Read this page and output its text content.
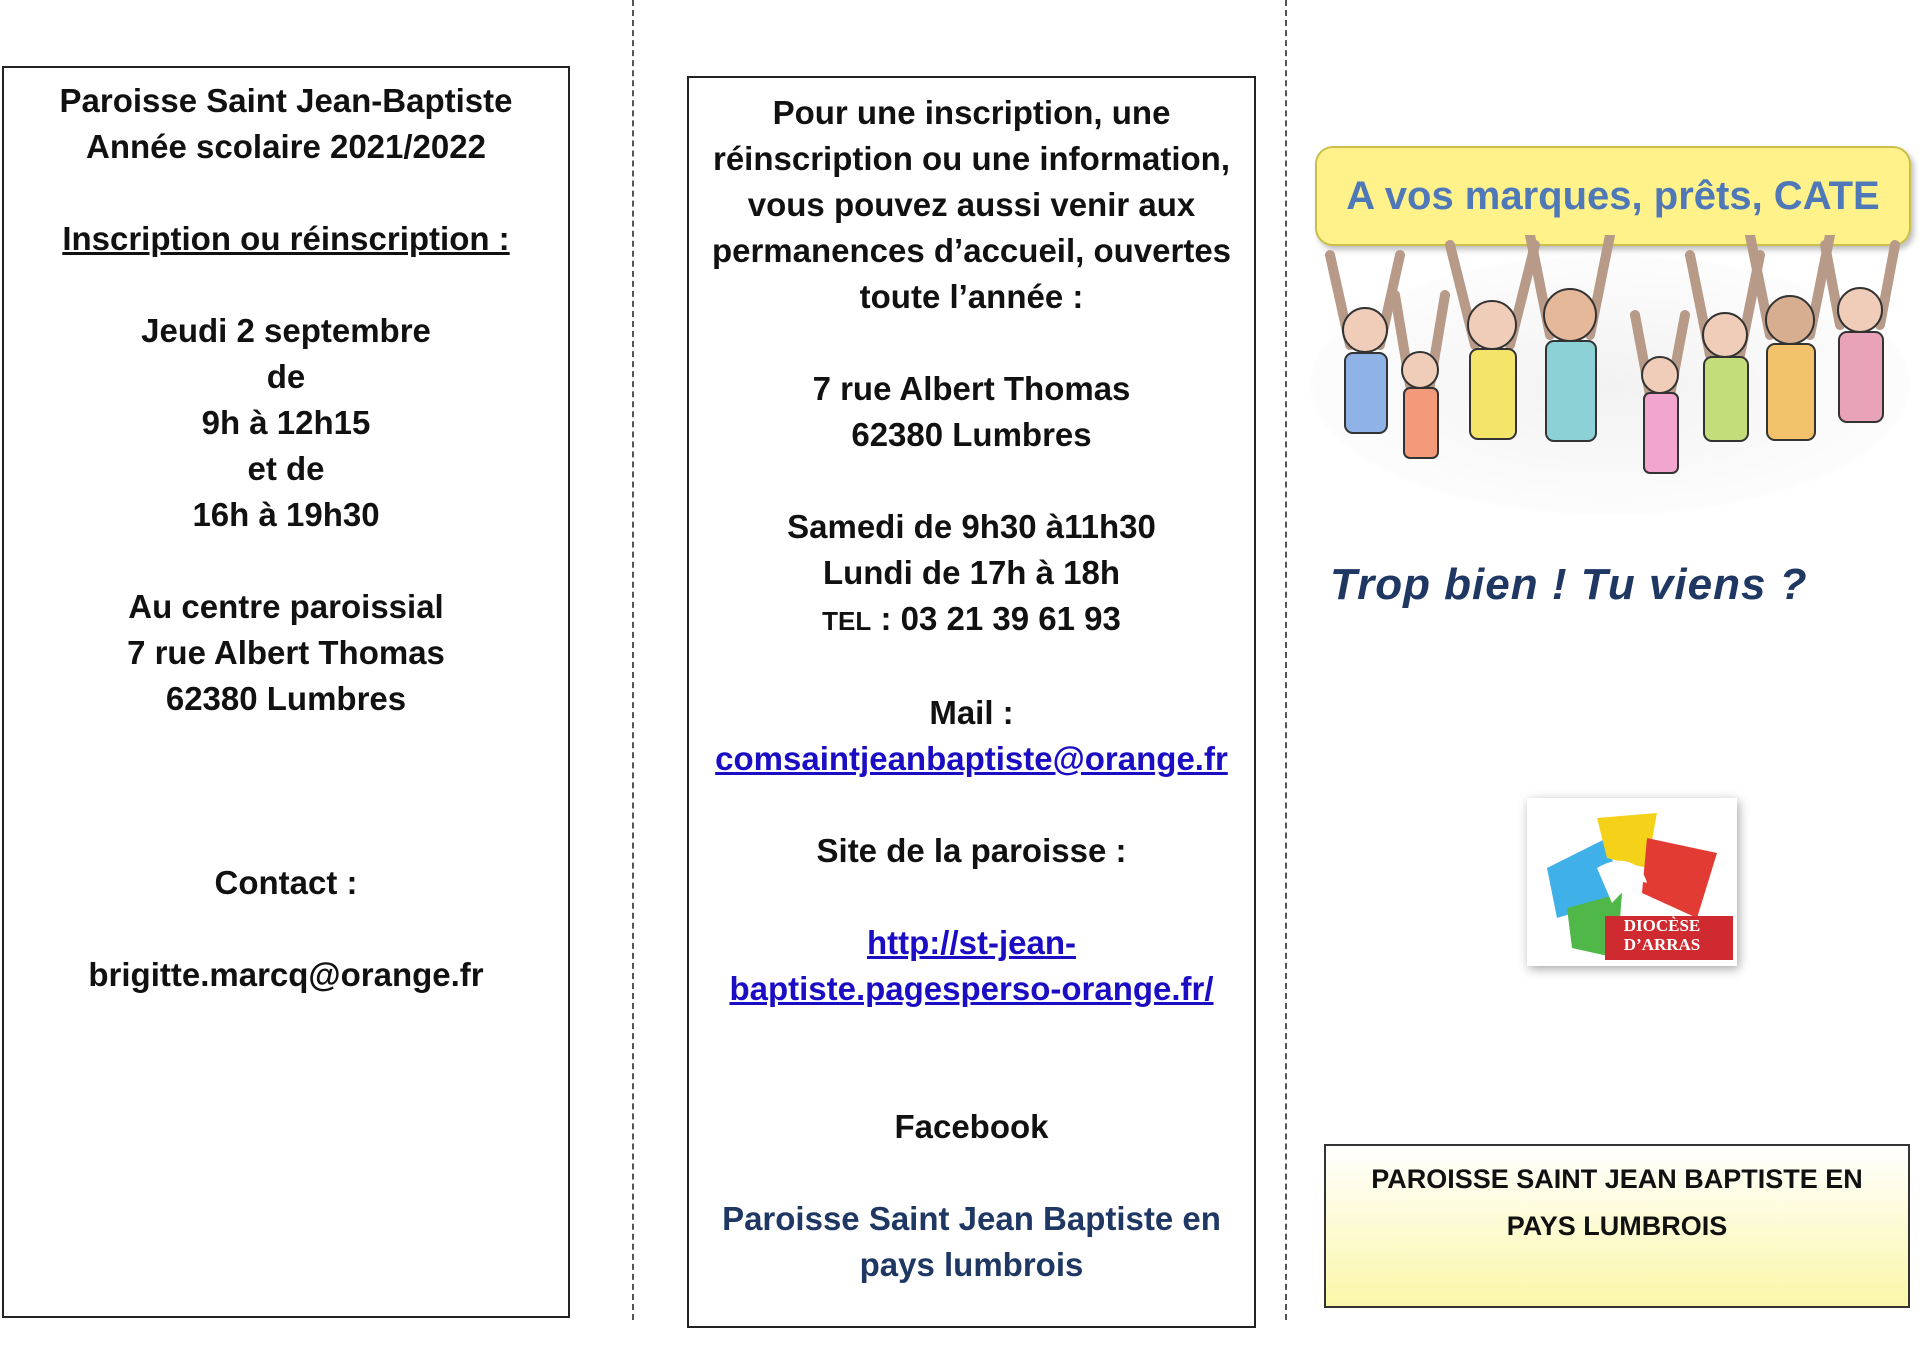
Paroisse Saint Jean-Baptiste
Année scolaire 2021/2022
Inscription ou réinscription :
Jeudi 2 septembre
de
9h à 12h15
et de
16h à 19h30
Au centre paroissial
7 rue Albert Thomas
62380 Lumbres
Contact :
brigitte.marcq@orange.fr
Pour une inscription, une
réinscription ou une information,
vous pouvez aussi venir aux
permanences d’accueil, ouvertes
toute l’année :
7 rue Albert Thomas
62380 Lumbres
Samedi de 9h30 à11h30
Lundi de 17h à 18h
TEL : 03 21 39 61 93
Mail :
comsaintjeanbaptiste@orange.fr
Site de la paroisse :
http://st-jean-
baptiste.pagesperso-orange.fr/
Facebook
Paroisse Saint Jean Baptiste en
pays lumbrois
A vos marques, prêts, CATE
Trop bien ! Tu viens ?
DIOCÈSE
D’ARRAS
PAROISSE SAINT JEAN BAPTISTE EN
PAYS LUMBROIS
